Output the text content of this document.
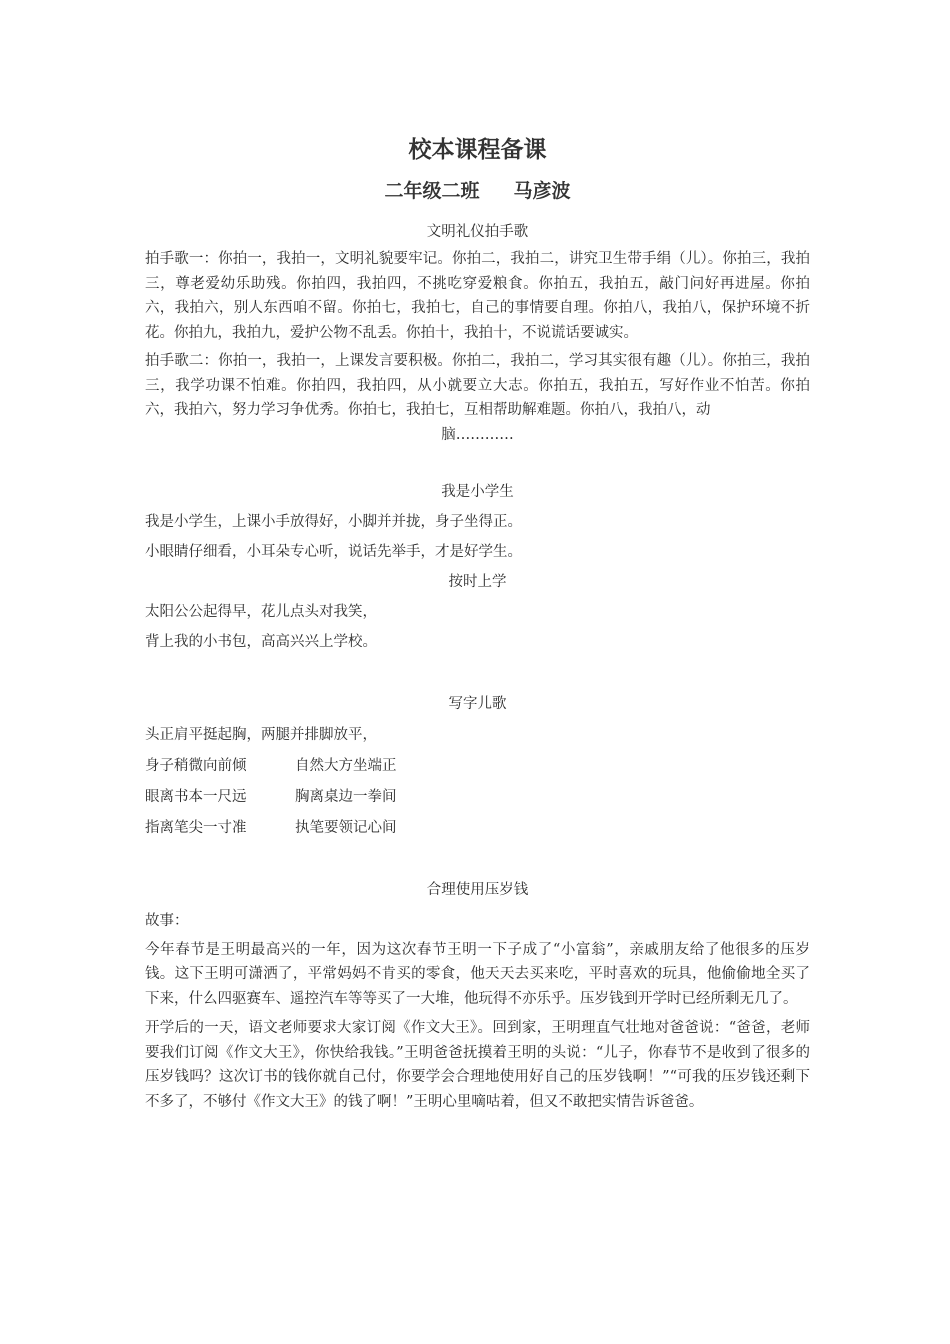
校本课程备课
二年级二班 马彦波
文明礼仪拍手歌
拍手歌一：你拍一，我拍一，文明礼貌要牢记。你拍二，我拍二，讲究卫生带手绢（儿）。你拍三，我拍三，尊老爱幼乐助残。你拍四，我拍四，不挑吃穿爱粮食。你拍五，我拍五，敲门问好再进屋。你拍六，我拍六，别人东西咱不留。你拍七，我拍七，自己的事情要自理。你拍八，我拍八，保护环境不折花。你拍九，我拍九，爱护公物不乱丢。你拍十，我拍十，不说谎话要诚实。
拍手歌二：你拍一，我拍一，上课发言要积极。你拍二，我拍二，学习其实很有趣（儿）。你拍三，我拍三，我学功课不怕难。你拍四，我拍四，从小就要立大志。你拍五，我拍五，写好作业不怕苦。你拍六，我拍六，努力学习争优秀。你拍七，我拍七，互相帮助解难题。你拍八，我拍八，动
脑…………
我是小学生
我是小学生，上课小手放得好，小脚并并拢，身子坐得正。
小眼睛仔细看，小耳朵专心听，说话先举手，才是好学生。
按时上学
太阳公公起得早，花儿点头对我笑，
背上我的小书包，高高兴兴上学校。
写字儿歌
头正肩平挺起胸，两腿并排脚放平，
身子稍微向前倾	自然大方坐端正
眼离书本一尺远	胸离桌边一拳间
指离笔尖一寸准	执笔要领记心间
合理使用压岁钱
故事：
今年春节是王明最高兴的一年，因为这次春节王明一下子成了“小富翁”，亲戚朋友给了他很多的压岁钱。这下王明可潇洒了，平常妈妈不肯买的零食，他天天去买来吃，平时喜欢的玩具，他偷偷地全买了下来，什么四驱赛车、遥控汽车等等买了一大堆，他玩得不亦乐乎。压岁钱到开学时已经所剩无几了。
开学后的一天，语文老师要求大家订阅《作文大王》。回到家，王明理直气壮地对爸爸说：“爸爸，老师要我们订阅《作文大王》，你快给我钱。”王明爸爸抚摸着王明的头说：“儿子，你春节不是收到了很多的压岁钱吗？这次订书的钱你就自己付，你要学会合理地使用好自己的压岁钱啊！”“可我的压岁钱还剩下不多了，不够付《作文大王》的钱了啊！”王明心里嘀咕着，但又不敢把实情告诉爸爸。
